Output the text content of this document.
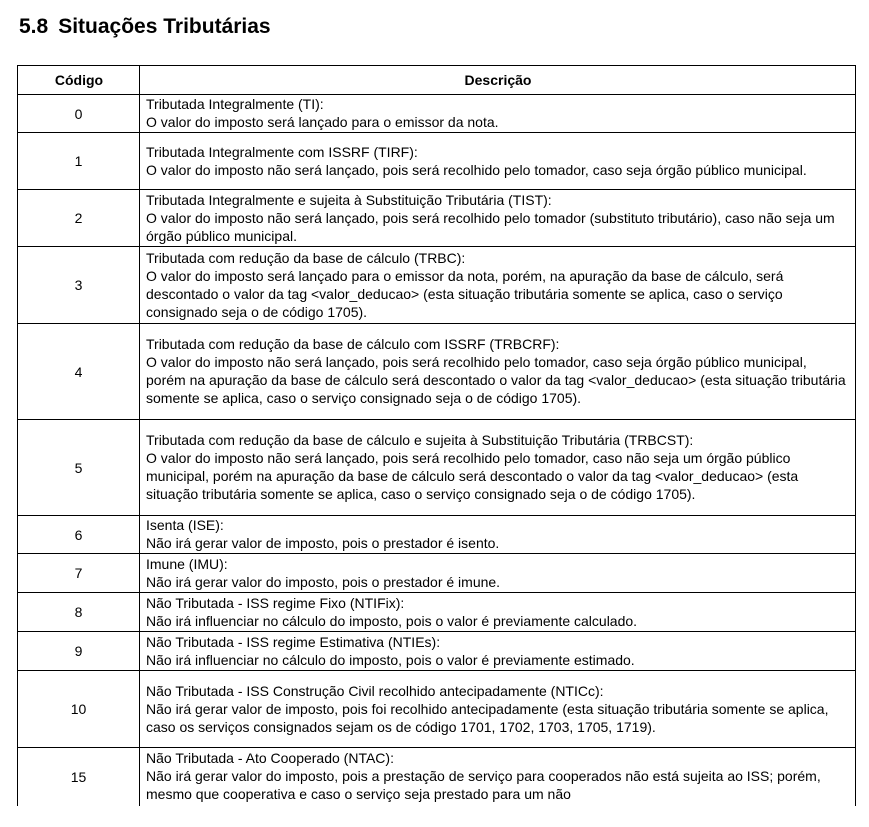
5.8 Situações Tributárias
Código	Descrição
0	Tributada Integralmente (TI):
O valor do imposto será lançado para o emissor da nota.

1	Tributada Integralmente com ISSRF (TIRF):
O valor do imposto não será lançado, pois será recolhido pelo tomador, caso seja órgão público municipal.

2	Tributada Integralmente e sujeita à Substituição Tributária (TIST):
O valor do imposto não será lançado, pois será recolhido pelo tomador (substituto tributário), caso não seja um órgão público municipal.

3	Tributada com redução da base de cálculo (TRBC):
O valor do imposto será lançado para o emissor da nota, porém, na apuração da base de cálculo, será descontado o valor da tag <valor_deducao> (esta situação tributária somente se aplica, caso o serviço consignado seja o de código 1705).

4	Tributada com redução da base de cálculo com ISSRF (TRBCRF):
O valor do imposto não será lançado, pois será recolhido pelo tomador, caso seja órgão público municipal, porém na apuração da base de cálculo será descontado o valor da tag <valor_deducao> (esta situação tributária somente se aplica, caso o serviço consignado seja o de código 1705).

5	Tributada com redução da base de cálculo e sujeita à Substituição Tributária (TRBCST):
O valor do imposto não será lançado, pois será recolhido pelo tomador, caso não seja um órgão público municipal, porém na apuração da base de cálculo será descontado o valor da tag <valor_deducao> (esta situação tributária somente se aplica, caso o serviço consignado seja o de código 1705).

6	Isenta (ISE):
Não irá gerar valor de imposto, pois o prestador é isento.

7	Imune (IMU):
Não irá gerar valor do imposto, pois o prestador é imune.

8	Não Tributada - ISS regime Fixo (NTIFix):
Não irá influenciar no cálculo do imposto, pois o valor é previamente calculado.

9	Não Tributada - ISS regime Estimativa (NTIEs):
Não irá influenciar no cálculo do imposto, pois o valor é previamente estimado.

10	Não Tributada - ISS Construção Civil recolhido antecipadamente (NTICc):
Não irá gerar valor de imposto, pois foi recolhido antecipadamente (esta situação tributária somente se aplica, caso os serviços consignados sejam os de código 1701, 1702, 1703, 1705, 1719).

15	Não Tributada - Ato Cooperado (NTAC):
Não irá gerar valor do imposto, pois a prestação de serviço para cooperados não está sujeita ao ISS; porém, mesmo que cooperativa e caso o serviço seja prestado para um não
